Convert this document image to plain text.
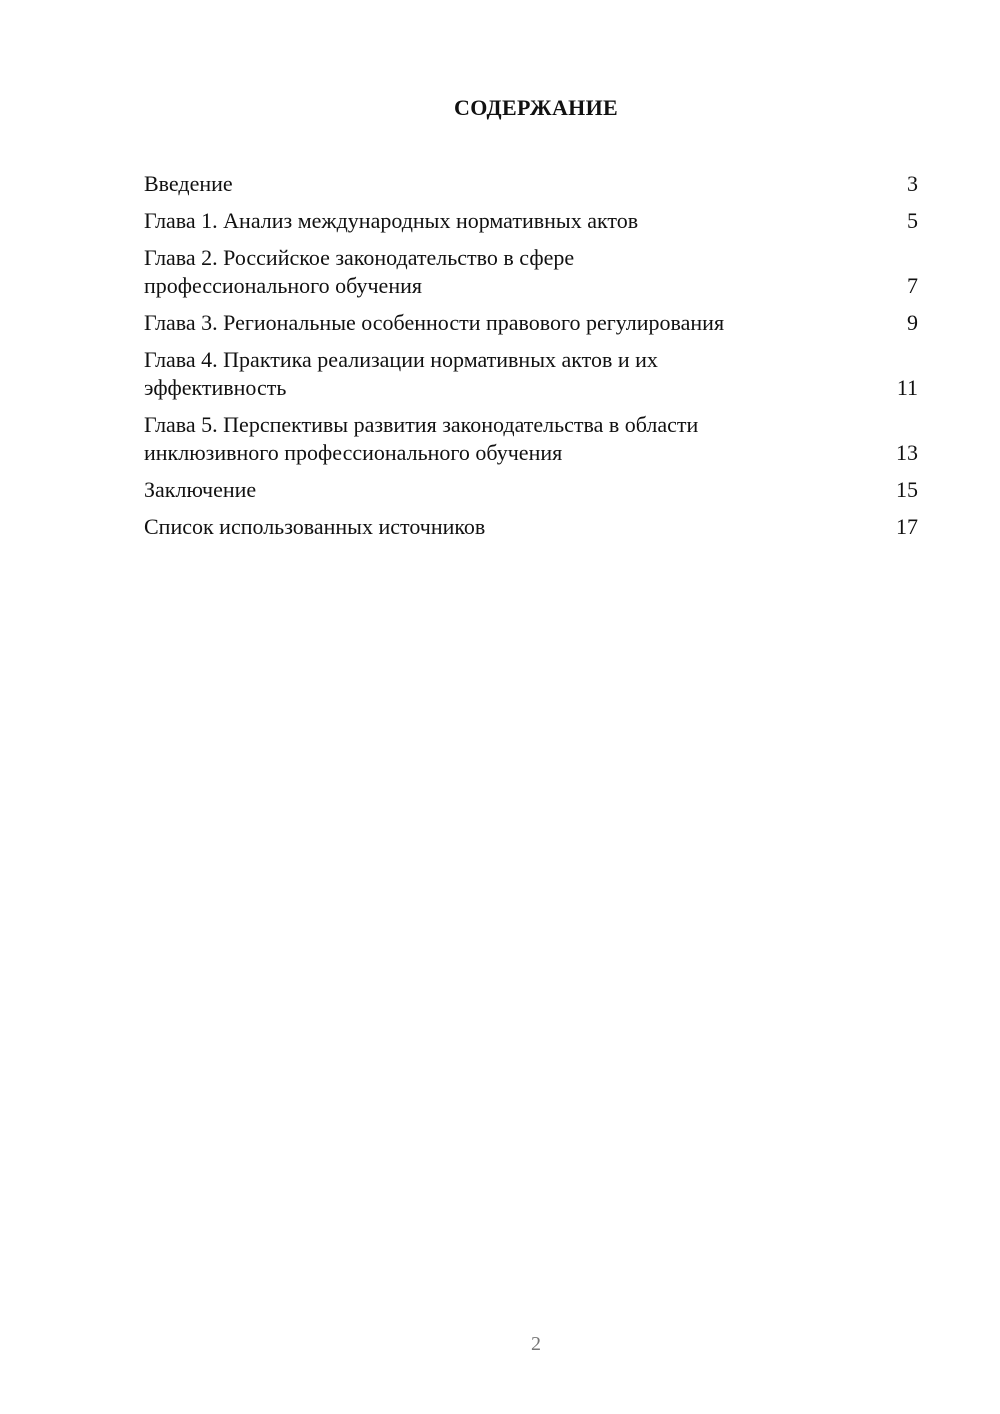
СОДЕРЖАНИЕ
Введение	3
Глава 1. Анализ международных нормативных актов	5
Глава 2. Российское законодательство в сфере
профессионального обучения	7
Глава 3. Региональные особенности правового регулирования	9
Глава 4. Практика реализации нормативных актов и их
эффективность	11
Глава 5. Перспективы развития законодательства в области
инклюзивного профессионального обучения	13
Заключение	15
Список использованных источников	17
2
